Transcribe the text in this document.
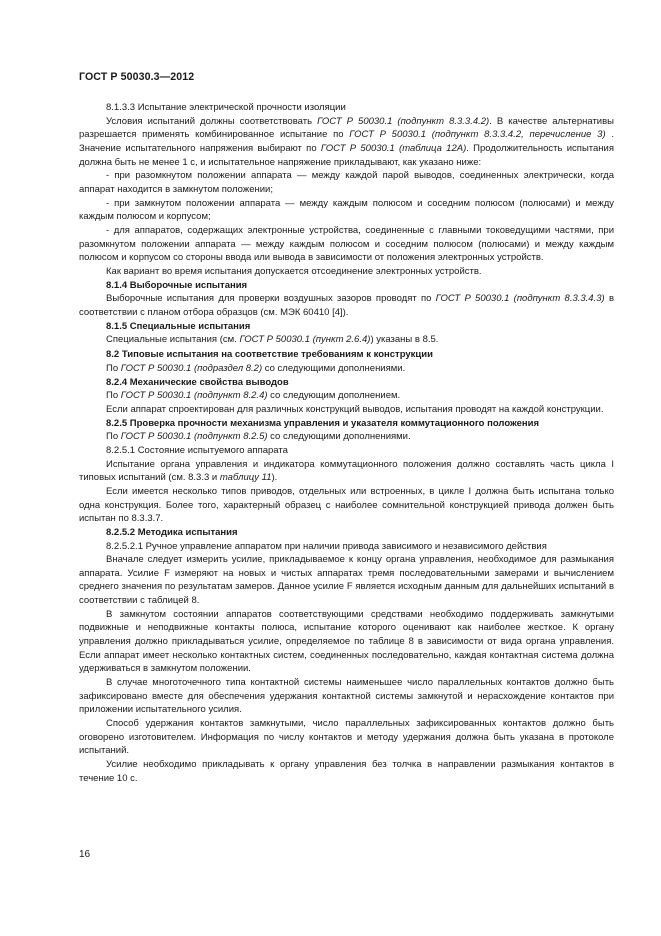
ГОСТ Р 50030.3—2012

8.1.3.3 Испытание электрической прочности изоляции

Условия испытаний должны соответствовать ГОСТ Р 50030.1 (подпункт 8.3.3.4.2). В качестве альтернативы разрешается применять комбинированное испытание по ГОСТ Р 50030.1 (подпункт 8.3.3.4.2, перечисление 3) . Значение испытательного напряжения выбирают по ГОСТ Р 50030.1 (таблица 12А). Продолжительность испытания должна быть не менее 1 с, и испытательное напряжение прикладывают, как указано ниже:

- при разомкнутом положении аппарата — между каждой парой выводов, соединенных электрически, когда аппарат находится в замкнутом положении;

- при замкнутом положении аппарата — между каждым полюсом и соседним полюсом (полюсами) и между каждым полюсом и корпусом;

- для аппаратов, содержащих электронные устройства, соединенные с главными токоведущими частями, при разомкнутом положении аппарата — между каждым полюсом и соседним полюсом (полюсами) и между каждым полюсом и корпусом со стороны ввода или вывода в зависимости от положения электронных устройств.

Как вариант во время испытания допускается отсоединение электронных устройств.

8.1.4 Выборочные испытания

Выборочные испытания для проверки воздушных зазоров проводят по ГОСТ Р 50030.1 (подпункт 8.3.3.4.3) в соответствии с планом отбора образцов (см. МЭК 60410 [4]).

8.1.5 Специальные испытания

Специальные испытания (см. ГОСТ Р 50030.1 (пункт 2.6.4)) указаны в 8.5.

8.2 Типовые испытания на соответствие требованиям к конструкции

По ГОСТ Р 50030.1 (подраздел 8.2) со следующими дополнениями.

8.2.4 Механические свойства выводов

По ГОСТ Р 50030.1 (подпункт 8.2.4) со следующим дополнением.

Если аппарат спроектирован для различных конструкций выводов, испытания проводят на каждой конструкции.

8.2.5 Проверка прочности механизма управления и указателя коммутационного положения

По ГОСТ Р 50030.1 (подпункт 8.2.5) со следующими дополнениями.

8.2.5.1 Состояние испытуемого аппарата

Испытание органа управления и индикатора коммутационного положения должно составлять часть цикла I типовых испытаний (см. 8.3.3 и таблицу 11).

Если имеется несколько типов приводов, отдельных или встроенных, в цикле I должна быть испытана только одна конструкция. Более того, характерный образец с наиболее сомнительной конструкцией привода должен быть испытан по 8.3.3.7.

8.2.5.2 Методика испытания

8.2.5.2.1 Ручное управление аппаратом при наличии привода зависимого и независимого действия

Вначале следует измерить усилие, прикладываемое к концу органа управления, необходимое для размыкания аппарата. Усилие F измеряют на новых и чистых аппаратах тремя последовательными замерами и вычислением среднего значения по результатам замеров. Данное усилие F является исходным данным для дальнейших испытаний в соответствии с таблицей 8.

В замкнутом состоянии аппаратов соответствующими средствами необходимо поддерживать замкнутыми подвижные и неподвижные контакты полюса, испытание которого оценивают как наиболее жесткое. К органу управления должно прикладываться усилие, определяемое по таблице 8 в зависимости от вида органа управления. Если аппарат имеет несколько контактных систем, соединенных последовательно, каждая контактная система должна удерживаться в замкнутом положении.

В случае многоточечного типа контактной системы наименьшее число параллельных контактов должно быть зафиксировано вместе для обеспечения удержания контактной системы замкнутой и нерасхождение контактов при приложении испытательного усилия.

Способ удержания контактов замкнутыми, число параллельных зафиксированных контактов должно быть оговорено изготовителем. Информация по числу контактов и методу удержания должна быть указана в протоколе испытаний.

Усилие необходимо прикладывать к органу управления без толчка в направлении размыкания контактов в течение 10 с.

16
